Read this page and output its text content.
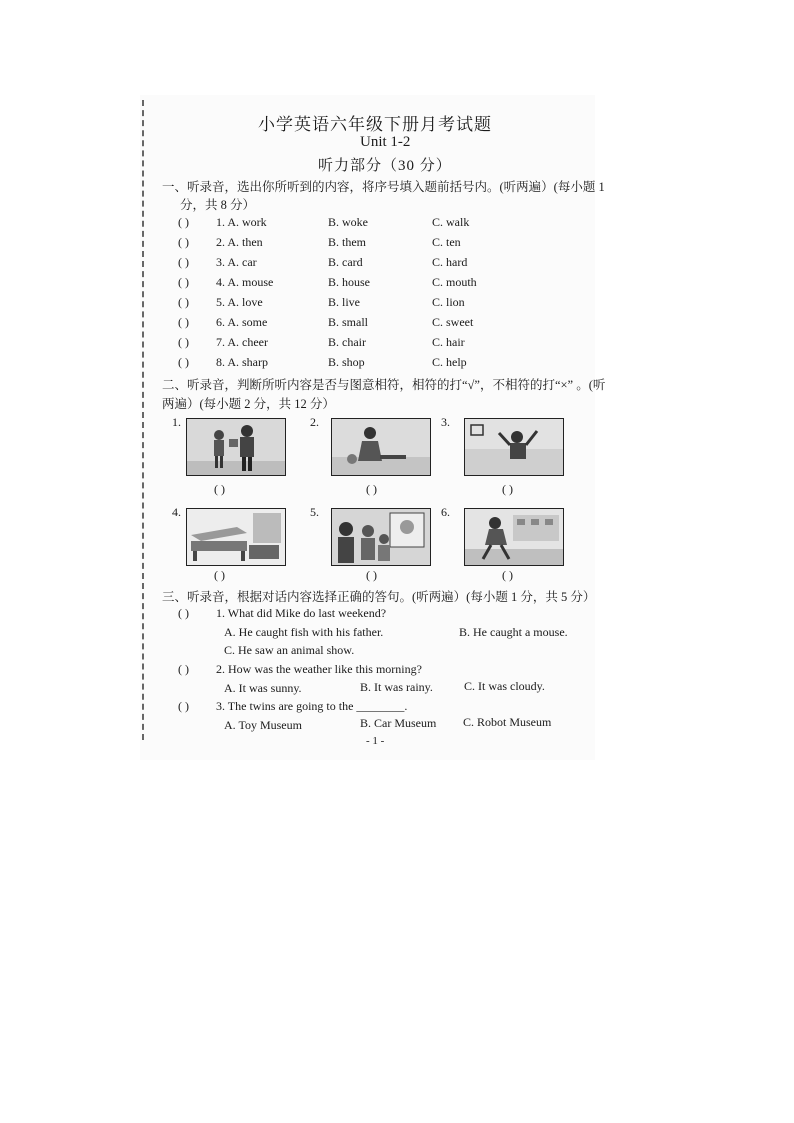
小学英语六年级下册月考试题
Unit 1-2
听力部分（30 分）
一、听录音，选出你所听到的内容，将序号填入题前括号内。(听两遍）(每小题 1
分，共 8 分）
( ) 1. A. work	B. woke	C. walk
( ) 2. A. then	B. them	C. ten
( ) 3. A. car	B. card	C. hard
( ) 4. A. mouse	B. house	C. mouth
( ) 5. A. love	B. live	C. lion
( ) 6. A. some	B. small	C. sweet
( ) 7. A. cheer	B. chair	C. hair
( ) 8. A. sharp	B. shop	C. help
二、听录音，判断所听内容是否与图意相符，相符的打“√”，不相符的打“×” 。(听
两遍）(每小题 2 分，共 12 分）
1.	2.	3.
( )	( )	( )
4.	5.	6.
( )	( )	( )
三、听录音，根据对话内容选择正确的答句。(听两遍）(每小题 1 分，共 5 分）
( ) 1. What did Mike do last weekend?
A. He caught fish with his father.	B. He caught a mouse.
C. He saw an animal show.
( ) 2. How was the weather like this morning?
A. It was sunny.	B. It was rainy.	C. It was cloudy.
( ) 3. The twins are going to the ________.
A. Toy Museum	B. Car Museum C. Robot Museum
- 1 -
